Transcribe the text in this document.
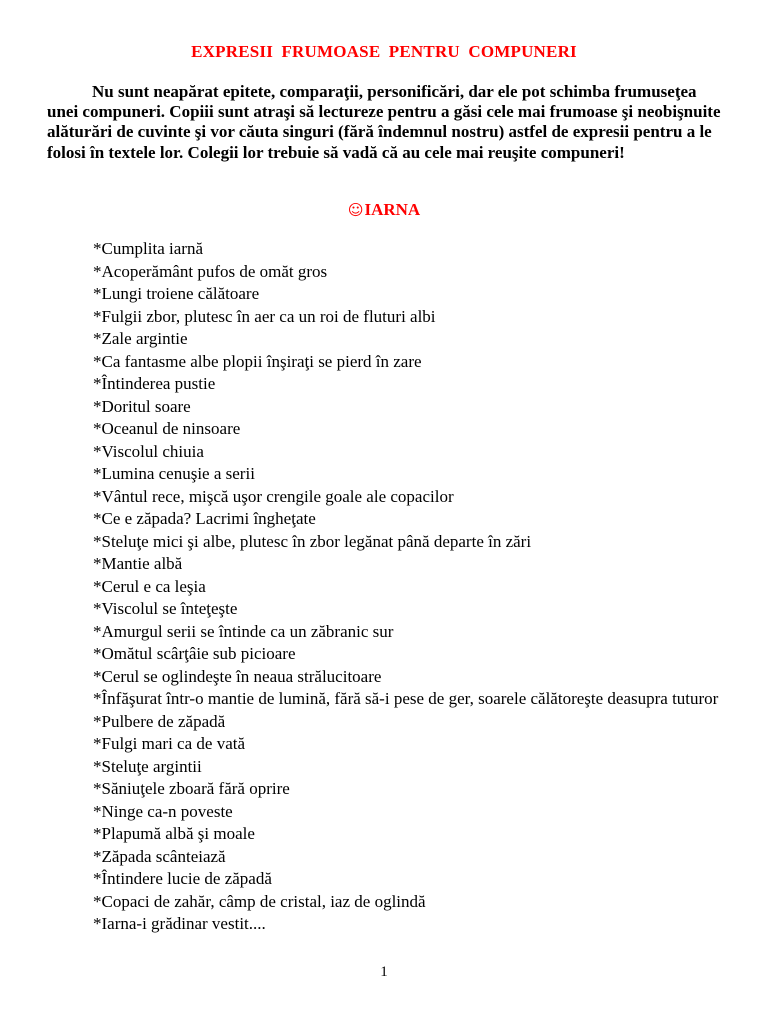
EXPRESII FRUMOASE PENTRU COMPUNERI

Nu sunt neapărat epitete, comparaţii, personificări, dar ele pot schimba frumuseţea unei compuneri. Copiii sunt atraşi să lectureze pentru a găsi cele mai frumoase şi neobişnuite alăturări de cuvinte şi vor căuta singuri (fără îndemnul nostru) astfel de expresii pentru a le folosi în textele lor. Colegii lor trebuie să vadă că au cele mai reuşite compuneri!

☺IARNA
*Cumplita iarnă
*Acoperământ pufos de omăt gros
*Lungi troiene călătoare
*Fulgii zbor, plutesc în aer ca un roi de fluturi albi
*Zale argintie
*Ca fantasme albe plopii înşiraţi se pierd în zare
*Întinderea pustie
*Doritul soare
*Oceanul de ninsoare
*Viscolul chiuia
*Lumina cenuşie a serii
*Vântul rece, mişcă uşor crengile goale ale copacilor
*Ce e zăpada? Lacrimi îngheţate
*Steluţe mici şi albe, plutesc în zbor legănat până departe în zări
*Mantie albă
*Cerul e ca leşia
*Viscolul se înteţeşte
*Amurgul serii se întinde ca un zăbranic sur
*Omătul scârţâie sub picioare
*Cerul se oglindeşte în neaua strălucitoare
*Înfăşurat într-o mantie de lumină, fără să-i pese de ger, soarele călătoreşte deasupra tuturor
*Pulbere de zăpadă
*Fulgi mari ca de vată
*Steluţe argintii
*Săniuţele zboară fără oprire
*Ninge ca-n poveste
*Plapumă albă şi moale
*Zăpada scânteiază
*Întindere lucie de zăpadă
*Copaci de zahăr, câmp de cristal, iaz de oglindă
*Iarna-i grădinar vestit....
1
